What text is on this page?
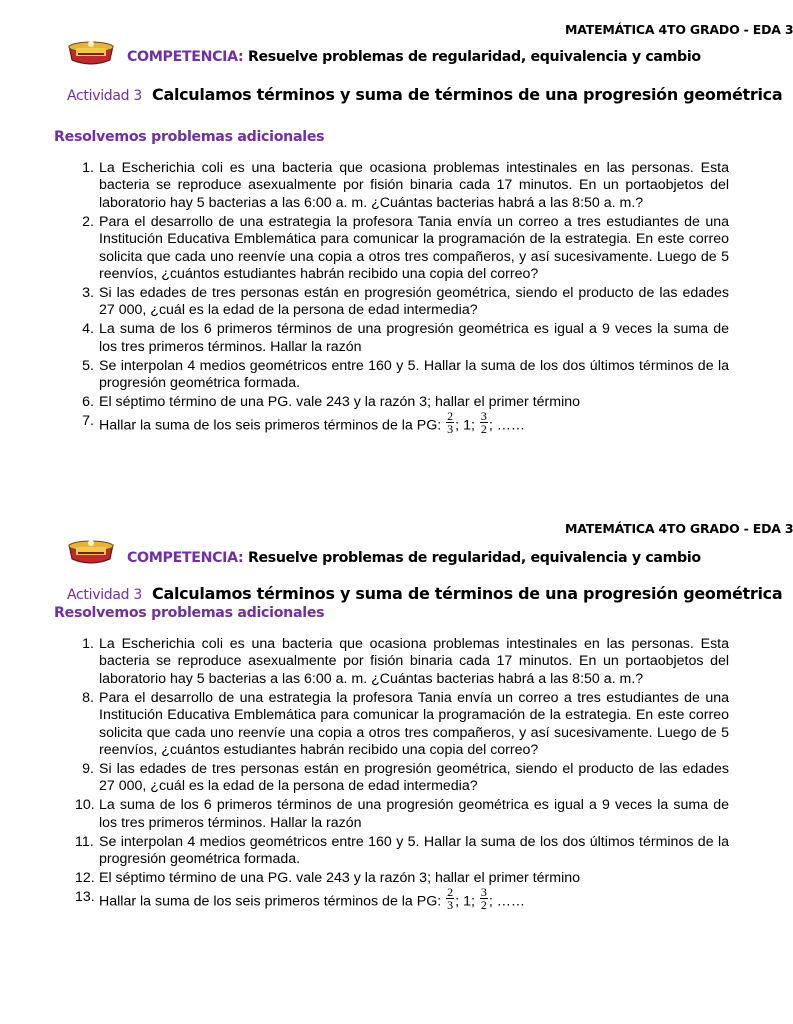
MATEMÁTICA 4TO GRADO - EDA 3
COMPETENCIA: Resuelve problemas de regularidad, equivalencia y cambio
Actividad 3 Calculamos términos y suma de términos de una progresión geométrica
Resolvemos problemas adicionales
1. La Escherichia coli es una bacteria que ocasiona problemas intestinales en las personas. Esta bacteria se reproduce asexualmente por fisión binaria cada 17 minutos. En un portaobjetos del laboratorio hay 5 bacterias a las 6:00 a. m. ¿Cuántas bacterias habrá a las 8:50 a. m.?
2. Para el desarrollo de una estrategia la profesora Tania envía un correo a tres estudiantes de una Institución Educativa Emblemática para comunicar la programación de la estrategia. En este correo solicita que cada uno reenvíe una copia a otros tres compañeros, y así sucesivamente. Luego de 5 reenvíos, ¿cuántos estudiantes habrán recibido una copia del correo?
3. Si las edades de tres personas están en progresión geométrica, siendo el producto de las edades 27 000, ¿cuál es la edad de la persona de edad intermedia?
4. La suma de los 6 primeros términos de una progresión geométrica es igual a 9 veces la suma de los tres primeros términos. Hallar la razón
5. Se interpolan 4 medios geométricos entre 160 y 5. Hallar la suma de los dos últimos términos de la progresión geométrica formada.
6. El séptimo término de una PG. vale 243 y la razón 3; hallar el primer término
7. Hallar la suma de los seis primeros términos de la PG: $\frac{2}{3}$ ; 1; $\frac{3}{2}$ ; ……
MATEMÁTICA 4TO GRADO - EDA 3
COMPETENCIA: Resuelve problemas de regularidad, equivalencia y cambio
Actividad 3 Calculamos términos y suma de términos de una progresión geométrica
Resolvemos problemas adicionales
1. La Escherichia coli es una bacteria que ocasiona problemas intestinales en las personas. Esta bacteria se reproduce asexualmente por fisión binaria cada 17 minutos. En un portaobjetos del laboratorio hay 5 bacterias a las 6:00 a. m. ¿Cuántas bacterias habrá a las 8:50 a. m.?
8. Para el desarrollo de una estrategia la profesora Tania envía un correo a tres estudiantes de una Institución Educativa Emblemática para comunicar la programación de la estrategia. En este correo solicita que cada uno reenvíe una copia a otros tres compañeros, y así sucesivamente. Luego de 5 reenvíos, ¿cuántos estudiantes habrán recibido una copia del correo?
9. Si las edades de tres personas están en progresión geométrica, siendo el producto de las edades 27 000, ¿cuál es la edad de la persona de edad intermedia?
10. La suma de los 6 primeros términos de una progresión geométrica es igual a 9 veces la suma de los tres primeros términos. Hallar la razón
11. Se interpolan 4 medios geométricos entre 160 y 5. Hallar la suma de los dos últimos términos de la progresión geométrica formada.
12. El séptimo término de una PG. vale 243 y la razón 3; hallar el primer término
13. Hallar la suma de los seis primeros términos de la PG: $\frac{2}{3}$ ; 1; $\frac{3}{2}$ ; ……
